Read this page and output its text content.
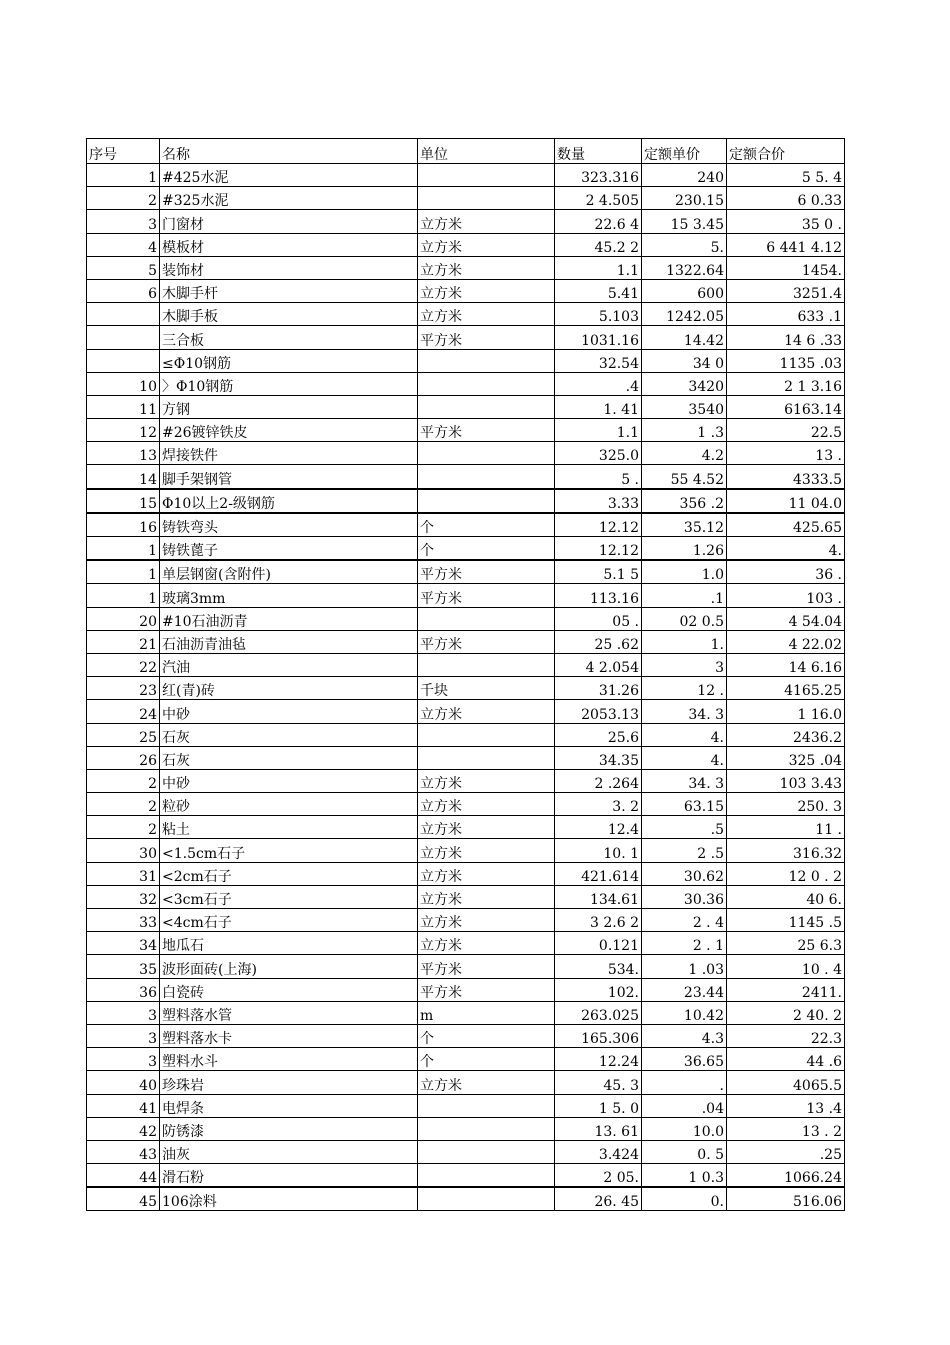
序号	名称	单位	数量	定额单价	定额合价
1	#425水泥		323.316	240	5 5. 4
2	#325水泥		2 4.505	230.15	6 0.33
3	门窗材	立方米	22.6 4	15 3.45	35 0 .
4	模板材	立方米	45.2 2	5.	6 441 4.12
5	装饰材	立方米	1.1	1322.64	1454.
6	木脚手杆	立方米	5.41	600	3251.4
	木脚手板	立方米	5.103	1242.05	633 .1
	三合板	平方米	1031.16	14.42	14 6 .33
	≤Φ10钢筋		32.54	34 0	1135 .03
10	〉Φ10钢筋		.4	3420	2 1 3.16
11	方钢		1. 41	3540	6163.14
12	#26镀锌铁皮	平方米	1.1	1 .3	22.5
13	焊接铁件		325.0	4.2	13 .
14	脚手架钢管		5 .	55 4.52	4333.5
15	Φ10以上2-级钢筋		3.33	356 .2	11 04.0
16	铸铁弯头	个	12.12	35.12	425.65
1	铸铁蓖子	个	12.12	1.26	4.
1	单层钢窗(含附件)	平方米	5.1 5	1.0	36 .
1	玻璃3mm	平方米	113.16	.1	103 .
20	#10石油沥青		05 .	02 0.5	4 54.04
21	石油沥青油毡	平方米	25 .62	1.	4 22.02
22	汽油		4 2.054	3	14 6.16
23	红(青)砖	千块	31.26	12 .	4165.25
24	中砂	立方米	2053.13	34. 3	1 16.0
25	石灰		25.6	4.	2436.2
26	石灰		34.35	4.	325 .04
2	中砂	立方米	2 .264	34. 3	103 3.43
2	粒砂	立方米	3. 2	63.15	250. 3
2	粘土	立方米	12.4	.5	11 .
30	<1.5cm石子	立方米	10. 1	2 .5	316.32
31	<2cm石子	立方米	421.614	30.62	12 0 . 2
32	<3cm石子	立方米	134.61	30.36	40 6.
33	<4cm石子	立方米	3 2.6 2	2 . 4	1145 .5
34	地瓜石	立方米	0.121	2 . 1	25 6.3
35	波形面砖(上海)	平方米	534.	1 .03	10 . 4
36	白瓷砖	平方米	102.	23.44	2411.
3	塑料落水管	m	263.025	10.42	2 40. 2
3	塑料落水卡	个	165.306	4.3	22.3
3	塑料水斗	个	12.24	36.65	44 .6
40	珍珠岩	立方米	45. 3	.	4065.5
41	电焊条		1 5. 0	.04	13 .4
42	防锈漆		13. 61	10.0	13 . 2
43	油灰		3.424	0. 5	.25
44	滑石粉		2 05.	1 0.3	1066.24
45	106涂料		26. 45	0.	516.06
